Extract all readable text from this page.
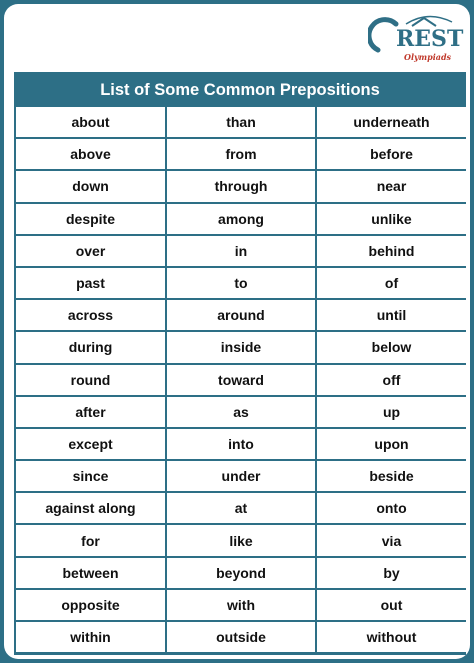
REST
Olympiads
List of Some Common Prepositions
about	than	underneath
above	from	before
down	through	near
despite	among	unlike
over	in	behind
past	to	of
across	around	until
during	inside	below
round	toward	off
after	as	up
except	into	upon
since	under	beside
against along	at	onto
for	like	via
between	beyond	by
opposite	with	out
within	outside	without
